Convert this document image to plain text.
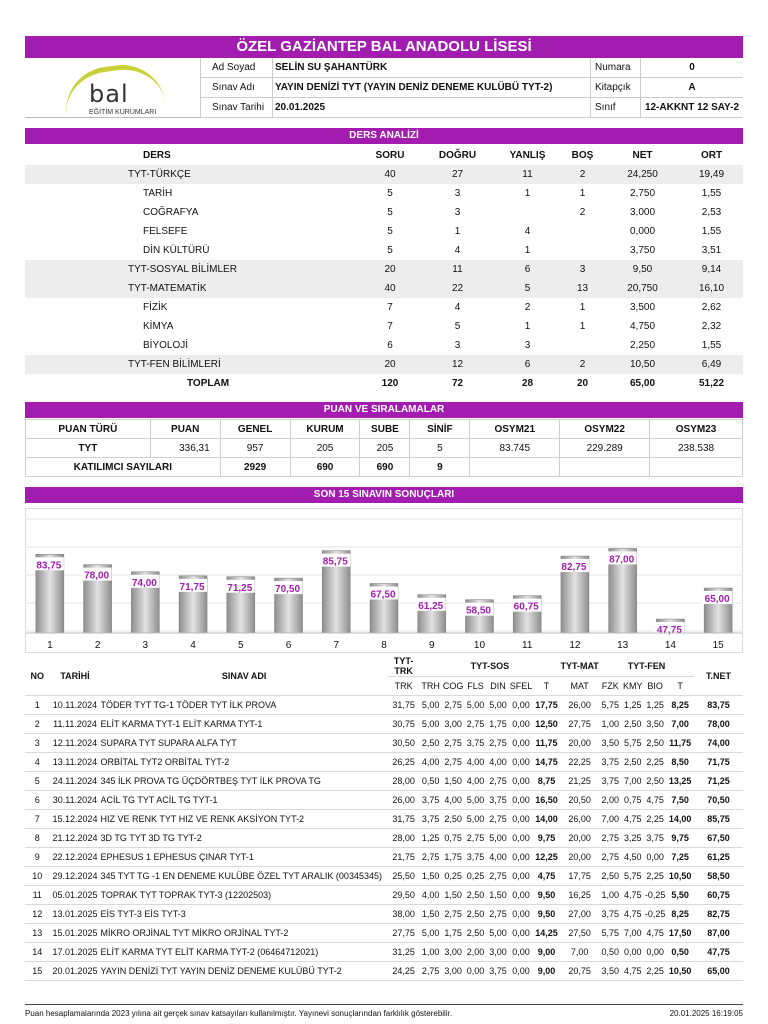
ÖZEL GAZİANTEP BAL ANADOLU LİSESİ
bal
EĞİTİM KURUMLARI
Ad Soyad SELİN SU ŞAHANTÜRK	Numara	0
Sınav Adı YAYIN DENİZİ TYT (YAYIN DENİZ DENEME KULÜBÜ TYT-2)	Kitapçık	A
Sınav Tarihi 20.01.2025	Sınıf	12-AKKNT 12 SAY-2
DERS ANALİZİ
DERS	SORU	DOĞRU	YANLIŞ	BOŞ	NET	ORT
TYT-TÜRKÇE	40	27	11	2	24,250	19,49
TARİH	5	3	1	1	2,750	1,55
COĞRAFYA	5	3		2	3,000	2,53
FELSEFE	5	1	4		0,000	1,55
DİN KÜLTÜRÜ	5	4	1		3,750	3,51
TYT-SOSYAL BİLİMLER	20	11	6	3	9,50	9,14
TYT-MATEMATİK	40	22	5	13	20,750	16,10
FİZİK	7	4	2	1	3,500	2,62
KİMYA	7	5	1	1	4,750	2,32
BİYOLOJİ	6	3	3		2,250	1,55
TYT-FEN BİLİMLERİ	20	12	6	2	10,50	6,49
TOPLAM	120	72	28	20	65,00	51,22
PUAN VE SIRALAMALAR
PUAN TÜRÜ	PUAN	GENEL	KURUM	SUBE	SİNİF	OSYM21	OSYM22	OSYM23
TYT	336,31	957	205	205	5	83.745	229.289	238.538
KATILIMCI SAYILARI		2929	690	690	9			
SON 15 SINAVIN SONUÇLARI
83,75
1
78,00
2
74,00
3
71,75
4
71,25
5
70,50
6
85,75
7
67,50
8
61,25
9
58,50
10
60,75
11
82,75
12
87,00
13
47,75
14
65,00
15
NO	TARİHİ	SINAV ADI	TYT-TRK	TYT-SOS						TYT-MAT	TYT-FEN				T.NET
			TRK	TRH	COG	FLS	DIN	SFEL	T	MAT	FZK	KMY	BIO	T	
1	10.11.2024	TÖDER TYT TG-1 TÖDER TYT İLK PROVA	31,75	5,00	2,75	5,00	5,00	0,00	17,75	26,00	5,75	1,25	1,25	8,25	83,75
2	11.11.2024	ELİT KARMA TYT-1 ELİT KARMA TYT-1	30,75	5,00	3,00	2,75	1,75	0,00	12,50	27,75	1,00	2,50	3,50	7,00	78,00
3	12.11.2024	SUPARA TYT SUPARA ALFA TYT	30,50	2,50	2,75	3,75	2,75	0,00	11,75	20,00	3,50	5,75	2,50	11,75	74,00
4	13.11.2024	ORBİTAL TYT2 ORBİTAL TYT-2	26,25	4,00	2,75	4,00	4,00	0,00	14,75	22,25	3,75	2,50	2,25	8,50	71,75
5	24.11.2024	345 İLK PROVA TG ÜÇDÖRTBEŞ TYT İLK PROVA TG	28,00	0,50	1,50	4,00	2,75	0,00	8,75	21,25	3,75	7,00	2,50	13,25	71,25
6	30.11.2024	ACİL TG TYT ACİL TG TYT-1	26,00	3,75	4,00	5,00	3,75	0,00	16,50	20,50	2,00	0,75	4,75	7,50	70,50
7	15.12.2024	HIZ VE RENK TYT HIZ VE RENK AKSİYON TYT-2	31,75	3,75	2,50	5,00	2,75	0,00	14,00	26,00	7,00	4,75	2,25	14,00	85,75
8	21.12.2024	3D TG TYT 3D TG TYT-2	28,00	1,25	0,75	2,75	5,00	0,00	9,75	20,00	2,75	3,25	3,75	9,75	67,50
9	22.12.2024	EPHESUS 1 EPHESUS ÇINAR TYT-1	21,75	2,75	1,75	3,75	4,00	0,00	12,25	20,00	2,75	4,50	0,00	7,25	61,25
10	29.12.2024	345 TYT TG -1 EN DENEME KULÜBE ÖZEL TYT ARALIK (00345345)	25,50	1,50	0,25	0,25	2,75	0,00	4,75	17,75	2,50	5,75	2,25	10,50	58,50
11	05.01.2025	TOPRAK TYT TOPRAK TYT-3 (12202503)	29,50	4,00	1,50	2,50	1,50	0,00	9,50	16,25	1,00	4,75	-0,25	5,50	60,75
12	13.01.2025	EİS TYT-3 EİS TYT-3	38,00	1,50	2,75	2,50	2,75	0,00	9,50	27,00	3,75	4,75	-0,25	8,25	82,75
13	15.01.2025	MİKRO ORJİNAL TYT MİKRO ORJİNAL TYT-2	27,75	5,00	1,75	2,50	5,00	0,00	14,25	27,50	5,75	7,00	4,75	17,50	87,00
14	17.01.2025	ELİT KARMA TYT ELİT KARMA TYT-2 (06464712021)	31,25	1,00	3,00	2,00	3,00	0,00	9,00	7,00	0,50	0,00	0,00	0,50	47,75
15	20.01.2025	YAYIN DENİZİ TYT YAYIN DENİZ DENEME KULÜBÜ TYT-2	24,25	2,75	3,00	0,00	3,75	0,00	9,00	20,75	3,50	4,75	2,25	10,50	65,00
Puan hesaplamalarında 2023 yılına ait gerçek sınav katsayıları kullanılmıştır. Yayınevi sonuçlarından farklılık gösterebilir.	20.01.2025 16:19:05
